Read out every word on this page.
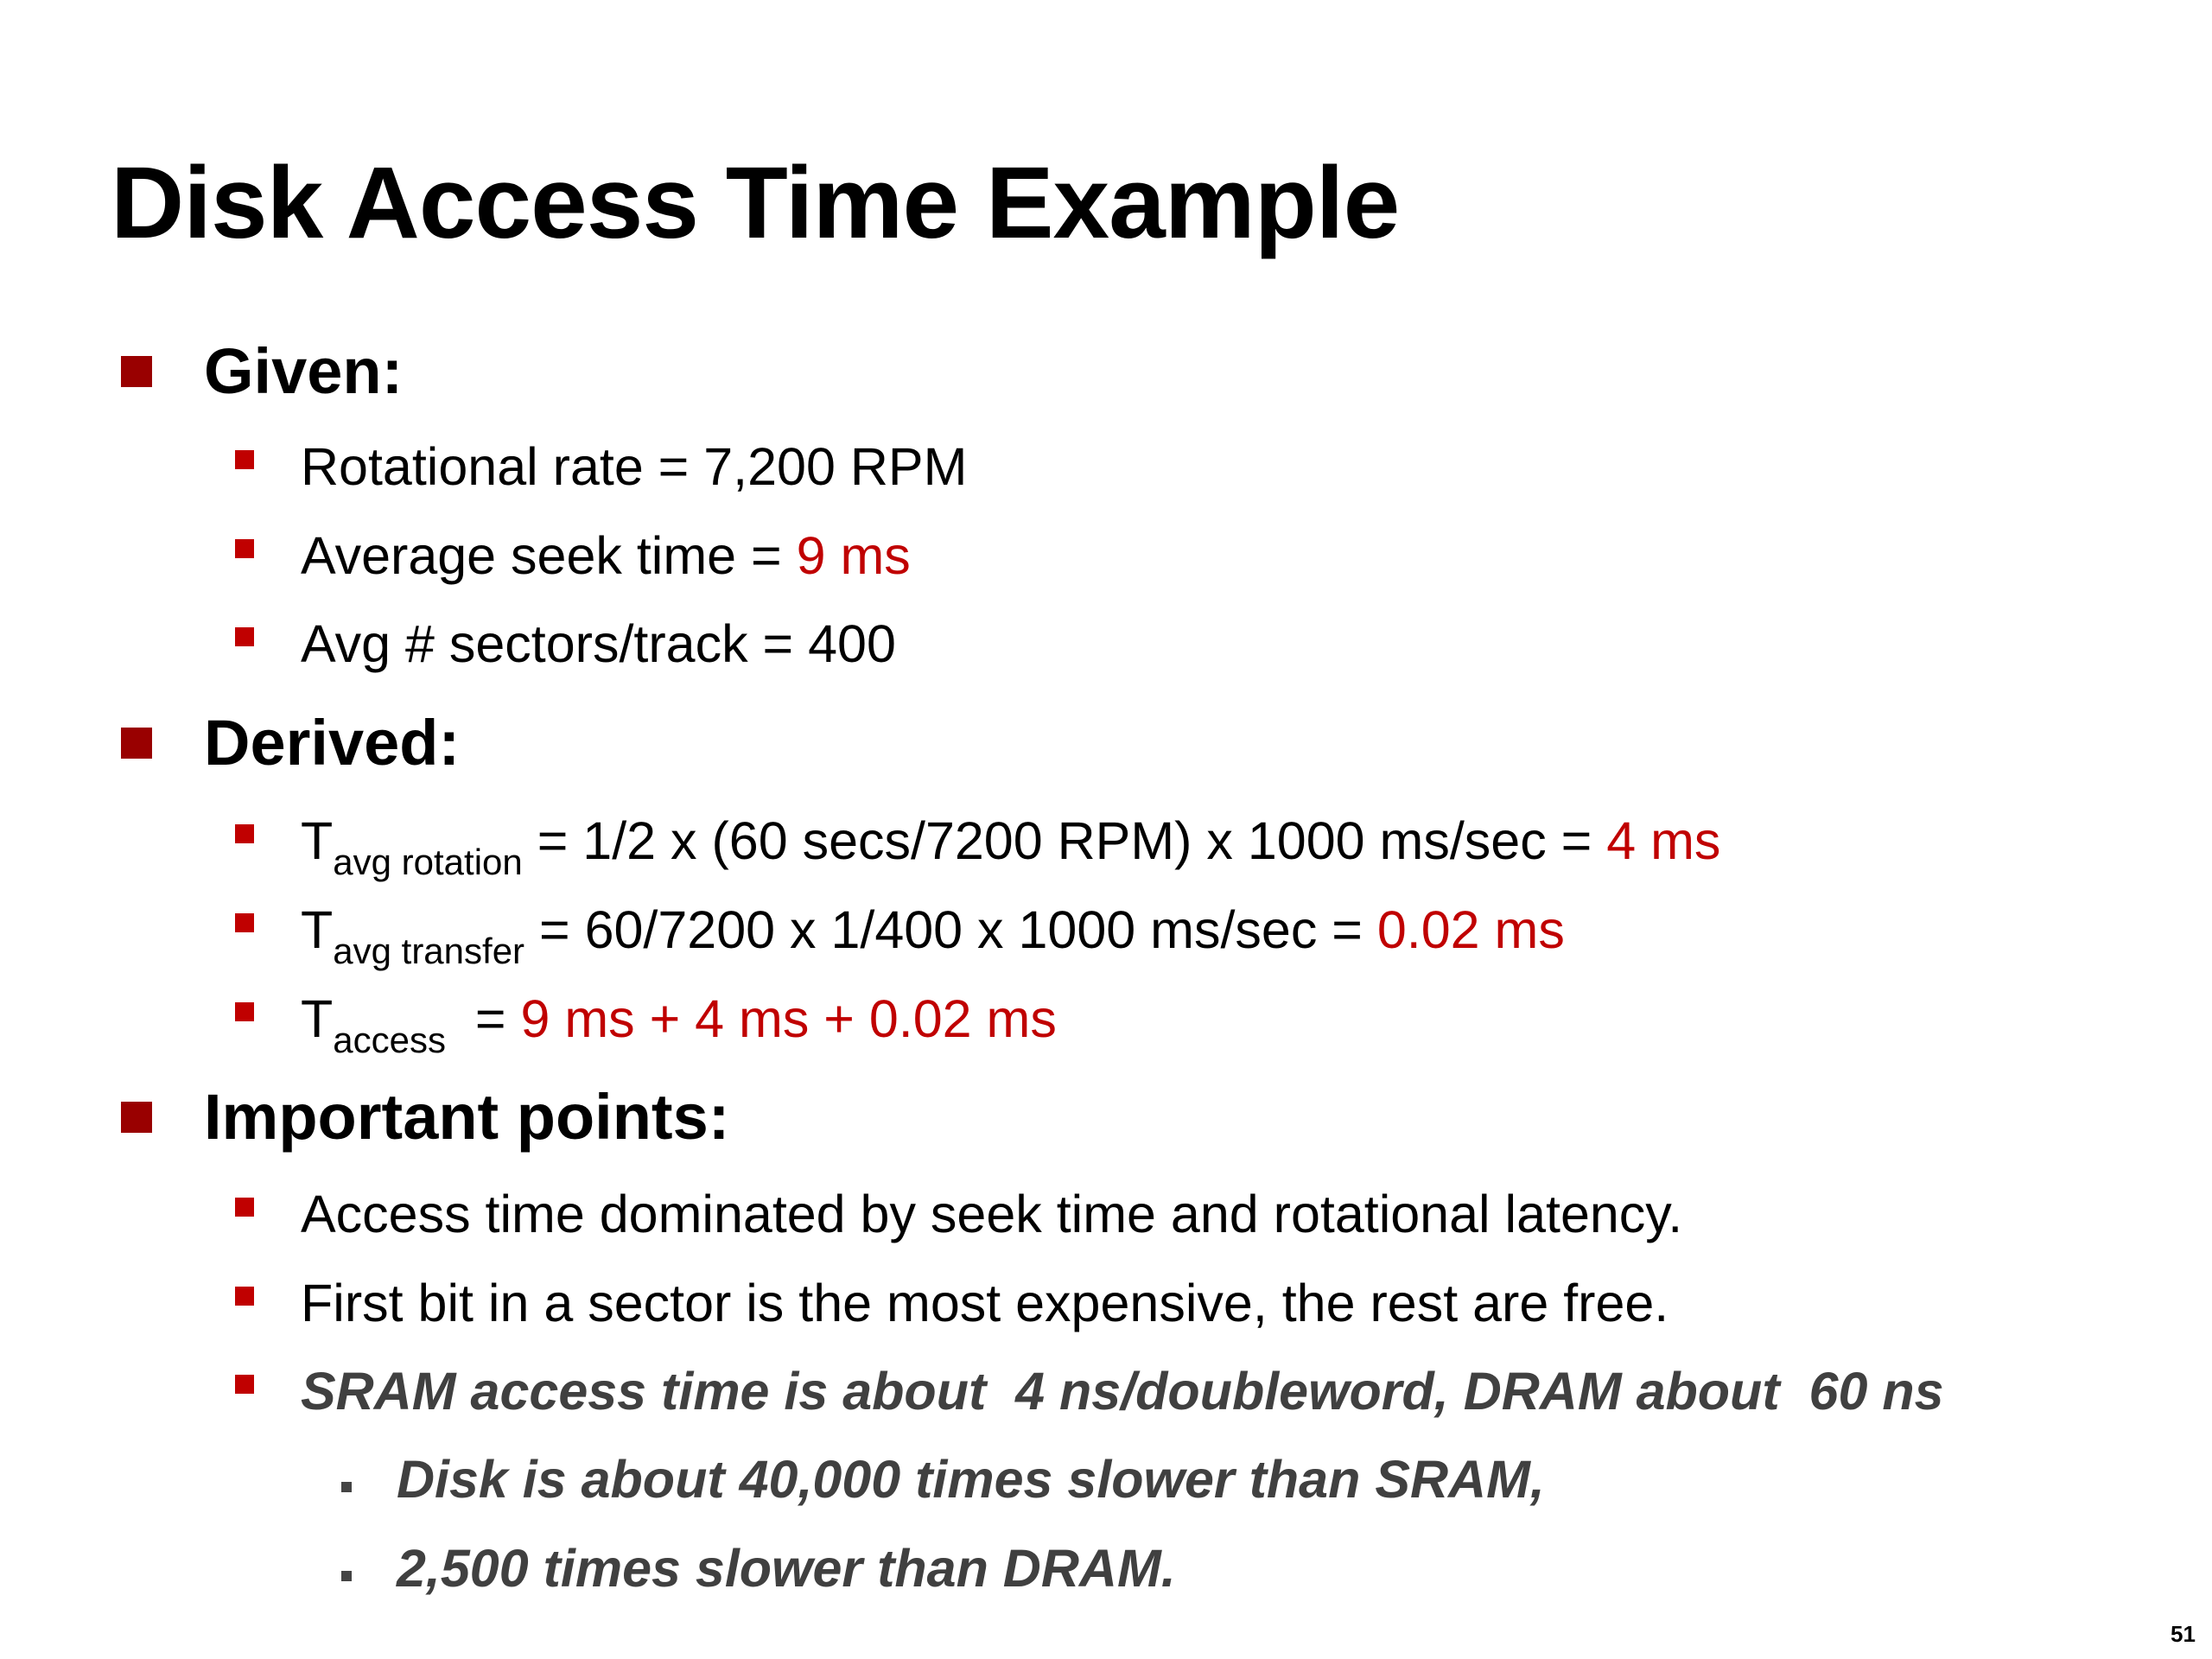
Disk Access Time Example
Given:
Rotational rate = 7,200 RPM
Average seek time = 9 ms
Avg # sectors/track = 400
Derived:
$T_{avg rotation} = 1/2$ x (60 secs/7200 RPM) x 1000 ms/sec = 4 ms
$T_{avg transfer} = 60/7200$ x 1/400 x 1000 ms/sec = 0.02 ms
$T_{access} = 9$ ms + 4 ms + 0.02 ms
Important points:
Access time dominated by seek time and rotational latency.
First bit in a sector is the most expensive, the rest are free.
SRAM access time is about  4 ns/doubleword, DRAM about  60 ns
Disk is about 40,000 times slower than SRAM,
2,500 times slower than DRAM.
51
